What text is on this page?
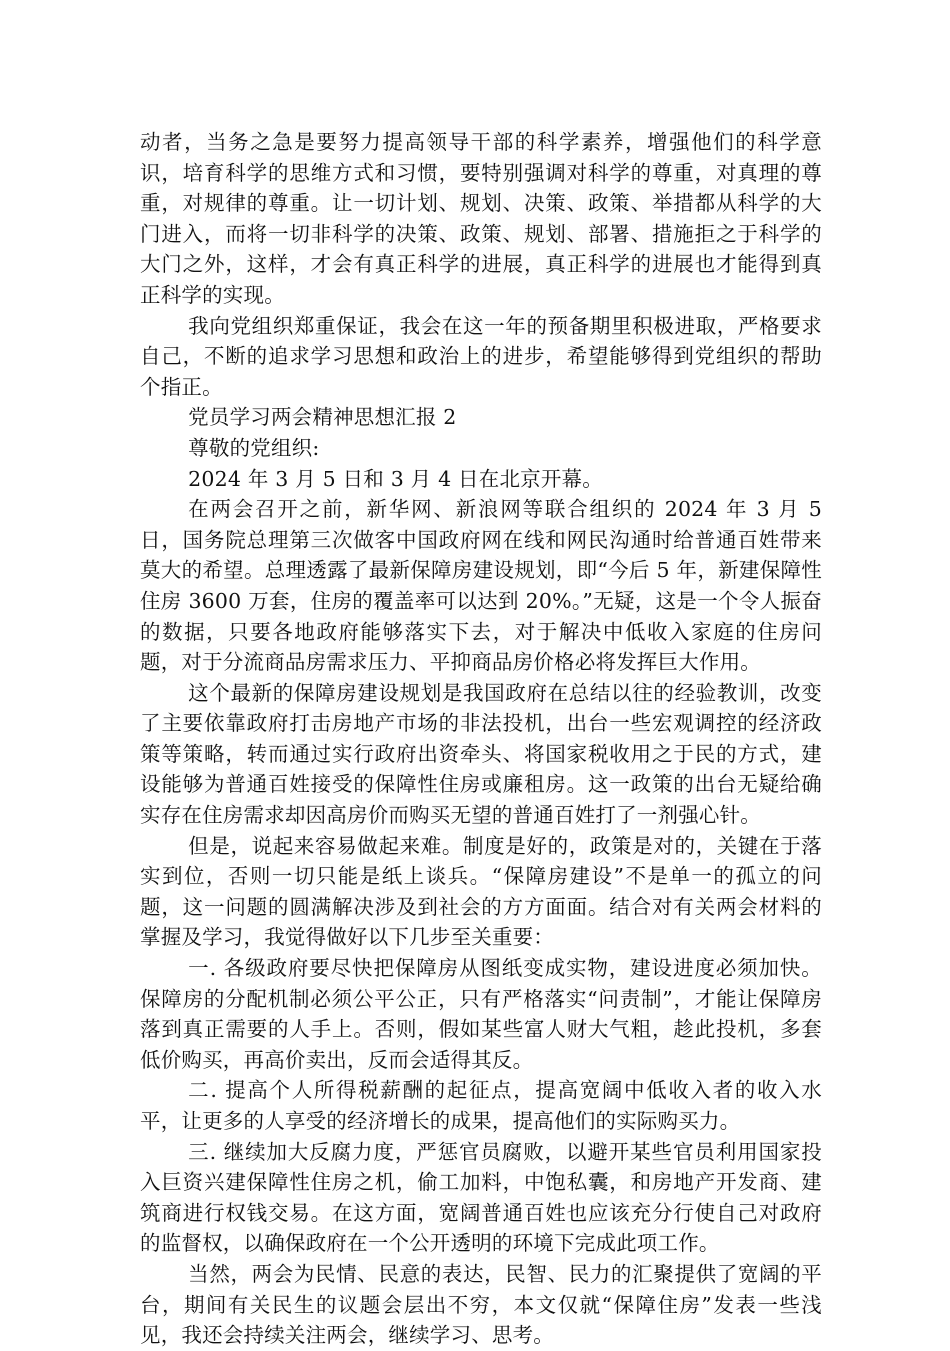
动者，当务之急是要努力提高领导干部的科学素养，增强他们的科学意识，培育科学的思维方式和习惯，要特别强调对科学的尊重，对真理的尊重，对规律的尊重。让一切计划、规划、决策、政策、举措都从科学的大门进入，而将一切非科学的决策、政策、规划、部署、措施拒之于科学的大门之外，这样，才会有真正科学的进展，真正科学的进展也才能得到真正科学的实现。

我向党组织郑重保证，我会在这一年的预备期里积极进取，严格要求自己，不断的追求学习思想和政治上的进步，希望能够得到党组织的帮助个指正。

党员学习两会精神思想汇报 2

尊敬的党组织:

2024 年 3 月 5 日和 3 月 4 日在北京开幕。

在两会召开之前，新华网、新浪网等联合组织的 2024 年 3 月 5 日，国务院总理第三次做客中国政府网在线和网民沟通时给普通百姓带来莫大的希望。总理透露了最新保障房建设规划，即“今后 5 年，新建保障性住房 3600 万套，住房的覆盖率可以达到 20%。”无疑，这是一个令人振奋的数据，只要各地政府能够落实下去，对于解决中低收入家庭的住房问题，对于分流商品房需求压力、平抑商品房价格必将发挥巨大作用。

这个最新的保障房建设规划是我国政府在总结以往的经验教训，改变了主要依靠政府打击房地产市场的非法投机，出台一些宏观调控的经济政策等策略，转而通过实行政府出资牵头、将国家税收用之于民的方式，建设能够为普通百姓接受的保障性住房或廉租房。这一政策的出台无疑给确实存在住房需求却因高房价而购买无望的普通百姓打了一剂强心针。

但是，说起来容易做起来难。制度是好的，政策是对的，关键在于落实到位，否则一切只能是纸上谈兵。“保障房建设”不是单一的孤立的问题，这一问题的圆满解决涉及到社会的方方面面。结合对有关两会材料的掌握及学习，我觉得做好以下几步至关重要：

一. 各级政府要尽快把保障房从图纸变成实物，建设进度必须加快。保障房的分配机制必须公平公正，只有严格落实“问责制”，才能让保障房落到真正需要的人手上。否则，假如某些富人财大气粗，趁此投机，多套低价购买，再高价卖出，反而会适得其反。

二. 提高个人所得税薪酬的起征点，提高宽阔中低收入者的收入水平，让更多的人享受的经济增长的成果，提高他们的实际购买力。

三. 继续加大反腐力度，严惩官员腐败，以避开某些官员利用国家投入巨资兴建保障性住房之机，偷工加料，中饱私囊，和房地产开发商、建筑商进行权钱交易。在这方面，宽阔普通百姓也应该充分行使自己对政府的监督权，以确保政府在一个公开透明的环境下完成此项工作。

当然，两会为民情、民意的表达，民智、民力的汇聚提供了宽阔的平台，期间有关民生的议题会层出不穷，本文仅就“保障住房”发表一些浅见，我还会持续关注两会，继续学习、思考。
